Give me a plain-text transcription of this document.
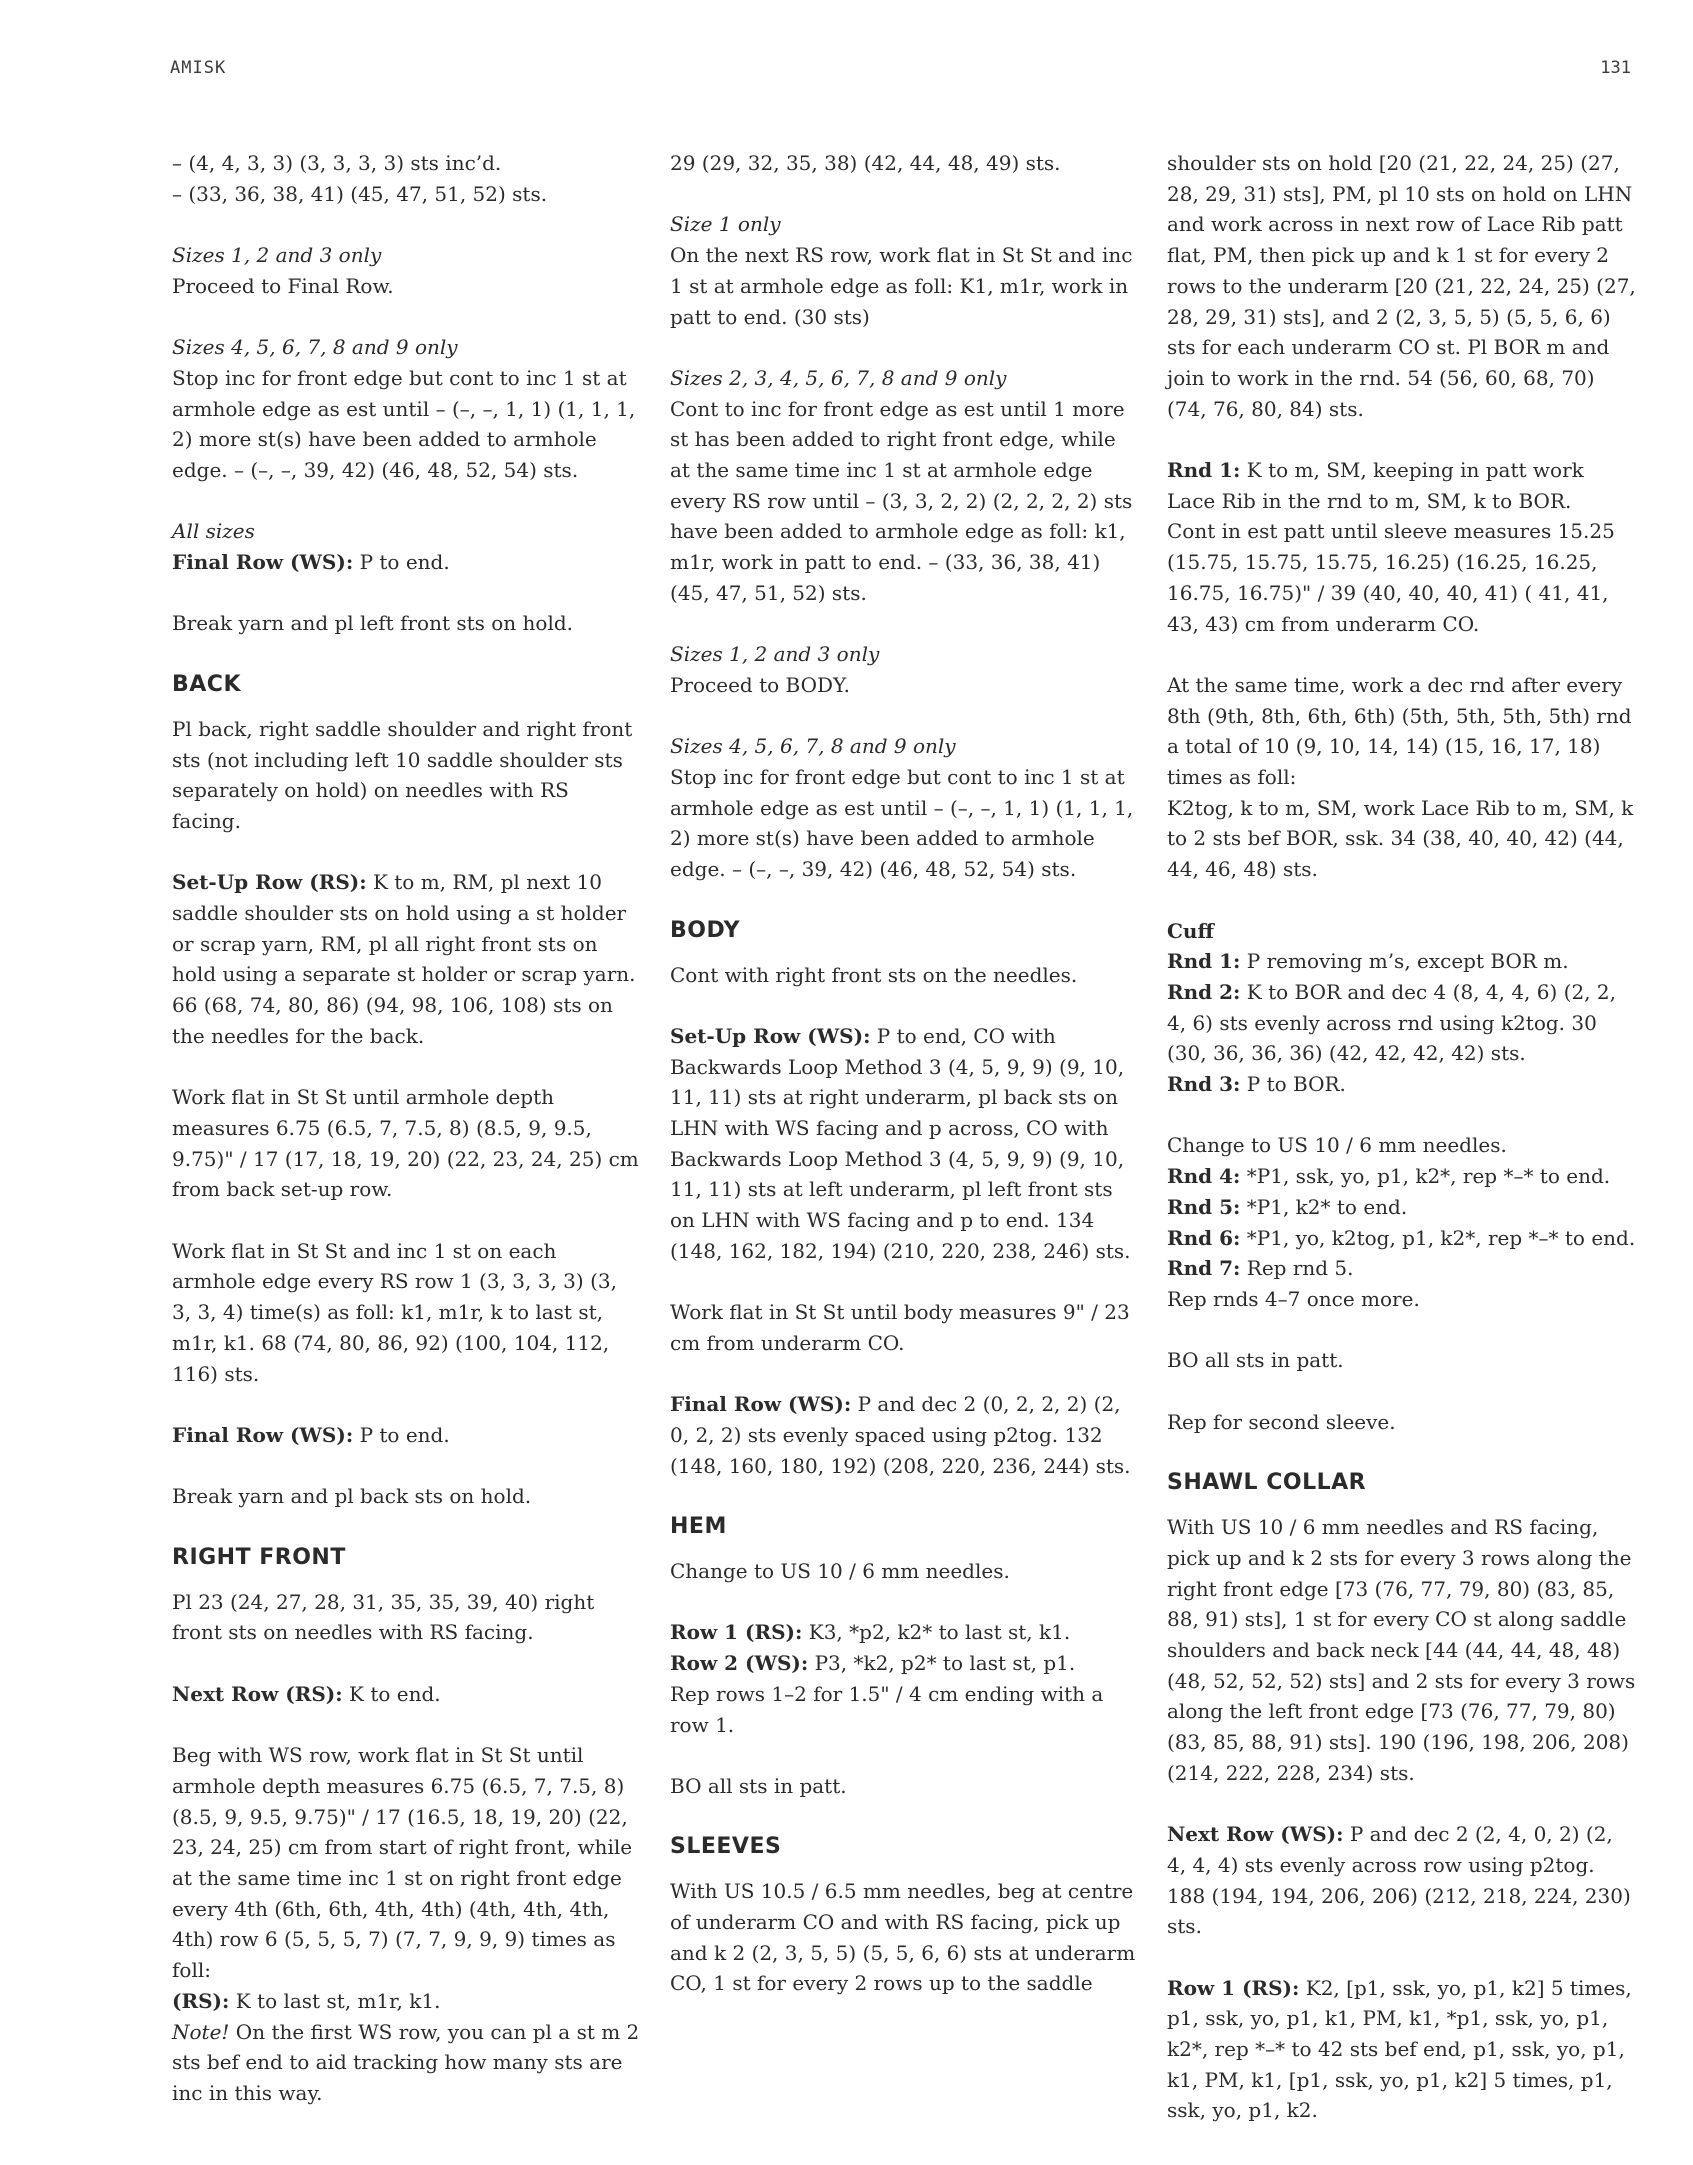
AMISK	131

– (4, 4, 3, 3) (3, 3, 3, 3) sts inc’d.

– (33, 36, 38, 41) (45, 47, 51, 52) sts.

Sizes 1, 2 and 3 only
Proceed to Final Row.

Sizes 4, 5, 6, 7, 8 and 9 only
Stop inc for front edge but cont to inc 1 st at armhole edge as est until – (–, –, 1, 1) (1, 1, 1, 2) more st(s) have been added to armhole edge. – (–, –, 39, 42) (46, 48, 52, 54) sts.

All sizes
Final Row (WS): P to end.

Break yarn and pl left front sts on hold.

BACK

Pl back, right saddle shoulder and right front sts (not including left 10 saddle shoulder sts separately on hold) on needles with RS facing.

Set-Up Row (RS): K to m, RM, pl next 10 saddle shoulder sts on hold using a st holder or scrap yarn, RM, pl all right front sts on hold using a separate st holder or scrap yarn. 66 (68, 74, 80, 86) (94, 98, 106, 108) sts on the needles for the back.

Work flat in St St until armhole depth measures 6.75 (6.5, 7, 7.5, 8) (8.5, 9, 9.5, 9.75)" / 17 (17, 18, 19, 20) (22, 23, 24, 25) cm from back set-up row.

Work flat in St St and inc 1 st on each armhole edge every RS row 1 (3, 3, 3, 3) (3, 3, 3, 4) time(s) as foll: k1, m1r, k to last st, m1r, k1. 68 (74, 80, 86, 92) (100, 104, 112, 116) sts.

Final Row (WS): P to end.

Break yarn and pl back sts on hold.

RIGHT FRONT

Pl 23 (24, 27, 28, 31, 35, 35, 39, 40) right front sts on needles with RS facing.

Next Row (RS): K to end.

Beg with WS row, work flat in St St until armhole depth measures 6.75 (6.5, 7, 7.5, 8) (8.5, 9, 9.5, 9.75)" / 17 (16.5, 18, 19, 20) (22, 23, 24, 25) cm from start of right front, while at the same time inc 1 st on right front edge every 4th (6th, 6th, 4th, 4th) (4th, 4th, 4th, 4th) row 6 (5, 5, 5, 7) (7, 7, 9, 9, 9) times as foll:

(RS): K to last st, m1r, k1.

Note! On the first WS row, you can pl a st m 2 sts bef end to aid tracking how many sts are inc in this way.

29 (29, 32, 35, 38) (42, 44, 48, 49) sts.

Size 1 only
On the next RS row, work flat in St St and inc 1 st at armhole edge as foll: K1, m1r, work in patt to end. (30 sts)

Sizes 2, 3, 4, 5, 6, 7, 8 and 9 only
Cont to inc for front edge as est until 1 more st has been added to right front edge, while at the same time inc 1 st at armhole edge every RS row until – (3, 3, 2, 2) (2, 2, 2, 2) sts have been added to armhole edge as foll: k1, m1r, work in patt to end. – (33, 36, 38, 41) (45, 47, 51, 52) sts.

Sizes 1, 2 and 3 only
Proceed to BODY.

Sizes 4, 5, 6, 7, 8 and 9 only
Stop inc for front edge but cont to inc 1 st at armhole edge as est until – (–, –, 1, 1) (1, 1, 1, 2) more st(s) have been added to armhole edge. – (–, –, 39, 42) (46, 48, 52, 54) sts.

BODY

Cont with right front sts on the needles.

Set-Up Row (WS): P to end, CO with Backwards Loop Method 3 (4, 5, 9, 9) (9, 10, 11, 11) sts at right underarm, pl back sts on LHN with WS facing and p across, CO with Backwards Loop Method 3 (4, 5, 9, 9) (9, 10, 11, 11) sts at left underarm, pl left front sts on LHN with WS facing and p to end. 134 (148, 162, 182, 194) (210, 220, 238, 246) sts.

Work flat in St St until body measures 9" / 23 cm from underarm CO.

Final Row (WS): P and dec 2 (0, 2, 2, 2) (2, 0, 2, 2) sts evenly spaced using p2tog. 132 (148, 160, 180, 192) (208, 220, 236, 244) sts.

HEM

Change to US 10 / 6 mm needles.

Row 1 (RS): K3, *p2, k2* to last st, k1.

Row 2 (WS): P3, *k2, p2* to last st, p1.

Rep rows 1–2 for 1.5" / 4 cm ending with a row 1.

BO all sts in patt.

SLEEVES

With US 10.5 / 6.5 mm needles, beg at centre of underarm CO and with RS facing, pick up and k 2 (2, 3, 5, 5) (5, 5, 6, 6) sts at underarm CO, 1 st for every 2 rows up to the saddle

shoulder sts on hold [20 (21, 22, 24, 25) (27, 28, 29, 31) sts], PM, pl 10 sts on hold on LHN and work across in next row of Lace Rib patt flat, PM, then pick up and k 1 st for every 2 rows to the underarm [20 (21, 22, 24, 25) (27, 28, 29, 31) sts], and 2 (2, 3, 5, 5) (5, 5, 6, 6) sts for each underarm CO st. Pl BOR m and join to work in the rnd. 54 (56, 60, 68, 70) (74, 76, 80, 84) sts.

Rnd 1: K to m, SM, keeping in patt work Lace Rib in the rnd to m, SM, k to BOR.

Cont in est patt until sleeve measures 15.25 (15.75, 15.75, 15.75, 16.25) (16.25, 16.25, 16.75, 16.75)" / 39 (40, 40, 40, 41) ( 41, 41, 43, 43) cm from underarm CO.

At the same time, work a dec rnd after every 8th (9th, 8th, 6th, 6th) (5th, 5th, 5th, 5th) rnd a total of 10 (9, 10, 14, 14) (15, 16, 17, 18) times as foll:

K2tog, k to m, SM, work Lace Rib to m, SM, k to 2 sts bef BOR, ssk. 34 (38, 40, 40, 42) (44, 44, 46, 48) sts.

Cuff

Rnd 1: P removing m’s, except BOR m.

Rnd 2: K to BOR and dec 4 (8, 4, 4, 6) (2, 2, 4, 6) sts evenly across rnd using k2tog. 30 (30, 36, 36, 36) (42, 42, 42, 42) sts.

Rnd 3: P to BOR.

Change to US 10 / 6 mm needles.

Rnd 4: *P1, ssk, yo, p1, k2*, rep *–* to end.

Rnd 5: *P1, k2* to end.

Rnd 6: *P1, yo, k2tog, p1, k2*, rep *–* to end.

Rnd 7: Rep rnd 5.

Rep rnds 4–7 once more.

BO all sts in patt.

Rep for second sleeve.

SHAWL COLLAR

With US 10 / 6 mm needles and RS facing, pick up and k 2 sts for every 3 rows along the right front edge [73 (76, 77, 79, 80) (83, 85, 88, 91) sts], 1 st for every CO st along saddle shoulders and back neck [44 (44, 44, 48, 48) (48, 52, 52, 52) sts] and 2 sts for every 3 rows along the left front edge [73 (76, 77, 79, 80) (83, 85, 88, 91) sts]. 190 (196, 198, 206, 208) (214, 222, 228, 234) sts.

Next Row (WS): P and dec 2 (2, 4, 0, 2) (2, 4, 4, 4) sts evenly across row using p2tog. 188 (194, 194, 206, 206) (212, 218, 224, 230) sts.

Row 1 (RS): K2, [p1, ssk, yo, p1, k2] 5 times, p1, ssk, yo, p1, k1, PM, k1, *p1, ssk, yo, p1, k2*, rep *–* to 42 sts bef end, p1, ssk, yo, p1, k1, PM, k1, [p1, ssk, yo, p1, k2] 5 times, p1, ssk, yo, p1, k2.
